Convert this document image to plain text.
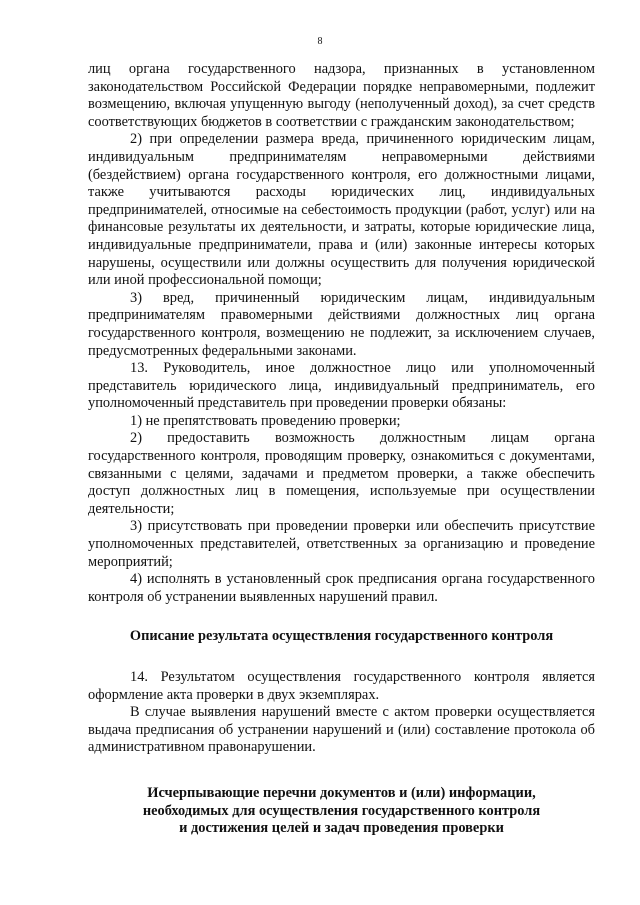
8

лиц органа государственного надзора, признанных в установленном законодательством Российской Федерации порядке неправомерными, подлежит возмещению, включая упущенную выгоду (неполученный доход), за счет средств соответствующих бюджетов в соответствии с гражданским законодательством;

2) при определении размера вреда, причиненного юридическим лицам, индивидуальным предпринимателям неправомерными действиями (бездействием) органа государственного контроля, его должностными лицами, также учитываются расходы юридических лиц, индивидуальных предпринимателей, относимые на себестоимость продукции (работ, услуг) или на финансовые результаты их деятельности, и затраты, которые юридические лица, индивидуальные предприниматели, права и (или) законные интересы которых нарушены, осуществили или должны осуществить для получения юридической или иной профессиональной помощи;

3) вред, причиненный юридическим лицам, индивидуальным предпринимателям правомерными действиями должностных лиц органа государственного контроля, возмещению не подлежит, за исключением случаев, предусмотренных федеральными законами.

13. Руководитель, иное должностное лицо или уполномоченный представитель юридического лица, индивидуальный предприниматель, его уполномоченный представитель при проведении проверки обязаны:

1) не препятствовать проведению проверки;

2) предоставить возможность должностным лицам органа государственного контроля, проводящим проверку, ознакомиться с документами, связанными с целями, задачами и предметом проверки, а также обеспечить доступ должностных лиц в помещения, используемые при осуществлении деятельности;

3) присутствовать при проведении проверки или обеспечить присутствие уполномоченных представителей, ответственных за организацию и проведение мероприятий;

4) исполнять в установленный срок предписания органа государственного контроля об устранении выявленных нарушений правил.

Описание результата осуществления государственного контроля

14. Результатом осуществления государственного контроля является оформление акта проверки в двух экземплярах.

В случае выявления нарушений вместе с актом проверки осуществляется выдача предписания об устранении нарушений и (или) составление протокола об административном правонарушении.

Исчерпывающие перечни документов и (или) информации,
необходимых для осуществления государственного контроля
и достижения целей и задач проведения проверки
